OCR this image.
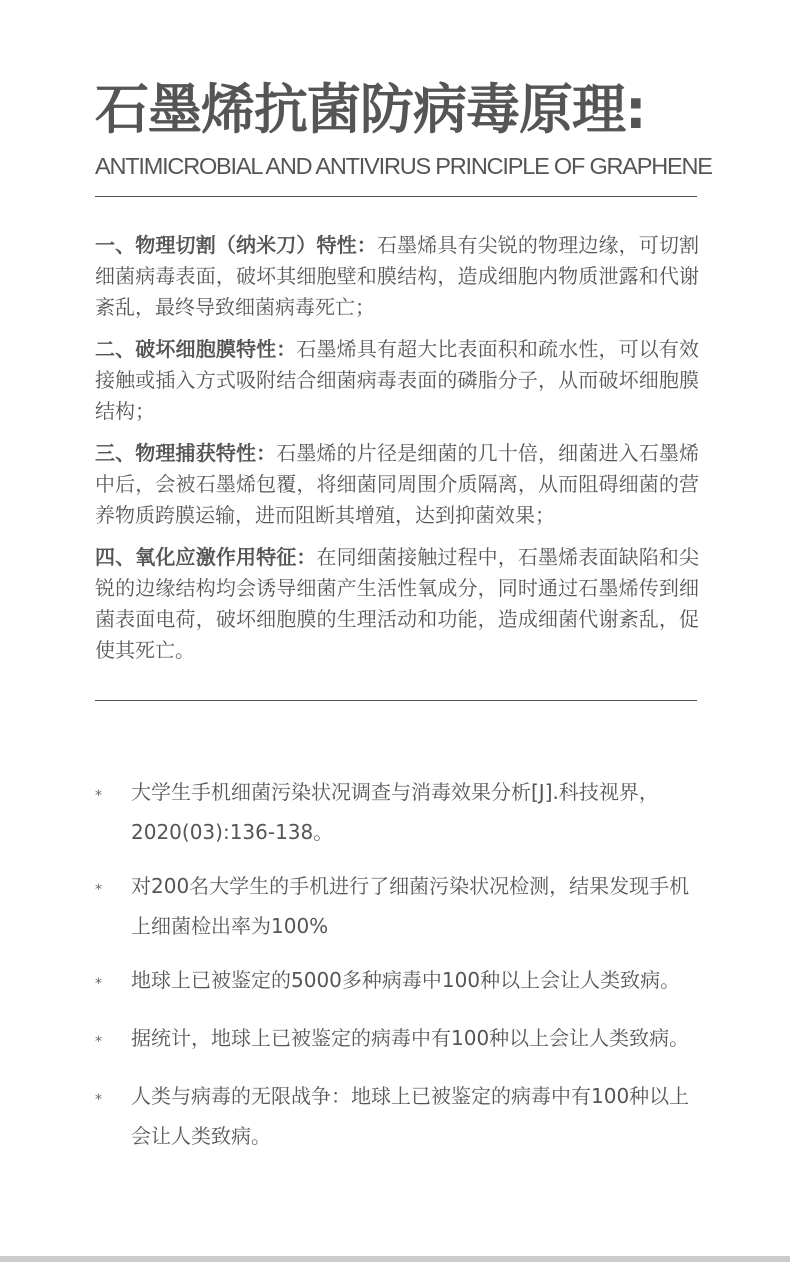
石墨烯抗菌防病毒原理:
ANTIMICROBIAL AND ANTIVIRUS PRINCIPLE OF GRAPHENE

一、物理切割（纳米刀）特性：石墨烯具有尖锐的物理边缘，可切割细菌病毒表面，破坏其细胞壁和膜结构，造成细胞内物质泄露和代谢紊乱，最终导致细菌病毒死亡；

二、破坏细胞膜特性：石墨烯具有超大比表面积和疏水性，可以有效接触或插入方式吸附结合细菌病毒表面的磷脂分子，从而破坏细胞膜结构；

三、物理捕获特性：石墨烯的片径是细菌的几十倍，细菌进入石墨烯中后，会被石墨烯包覆，将细菌同周围介质隔离，从而阻碍细菌的营养物质跨膜运输，进而阻断其增殖，达到抑菌效果；

四、氧化应激作用特征：在同细菌接触过程中，石墨烯表面缺陷和尖锐的边缘结构均会诱导细菌产生活性氧成分，同时通过石墨烯传到细菌表面电荷，破坏细胞膜的生理活动和功能，造成细菌代谢紊乱，促使其死亡。

*	大学生手机细菌污染状况调查与消毒效果分析[J].科技视界，2020(03):136-138。
*	对200名大学生的手机进行了细菌污染状况检测，结果发现手机上细菌检出率为100%
*	地球上已被鉴定的5000多种病毒中100种以上会让人类致病。
*	据统计，地球上已被鉴定的病毒中有100种以上会让人类致病。
*	人类与病毒的无限战争：地球上已被鉴定的病毒中有100种以上会让人类致病。
